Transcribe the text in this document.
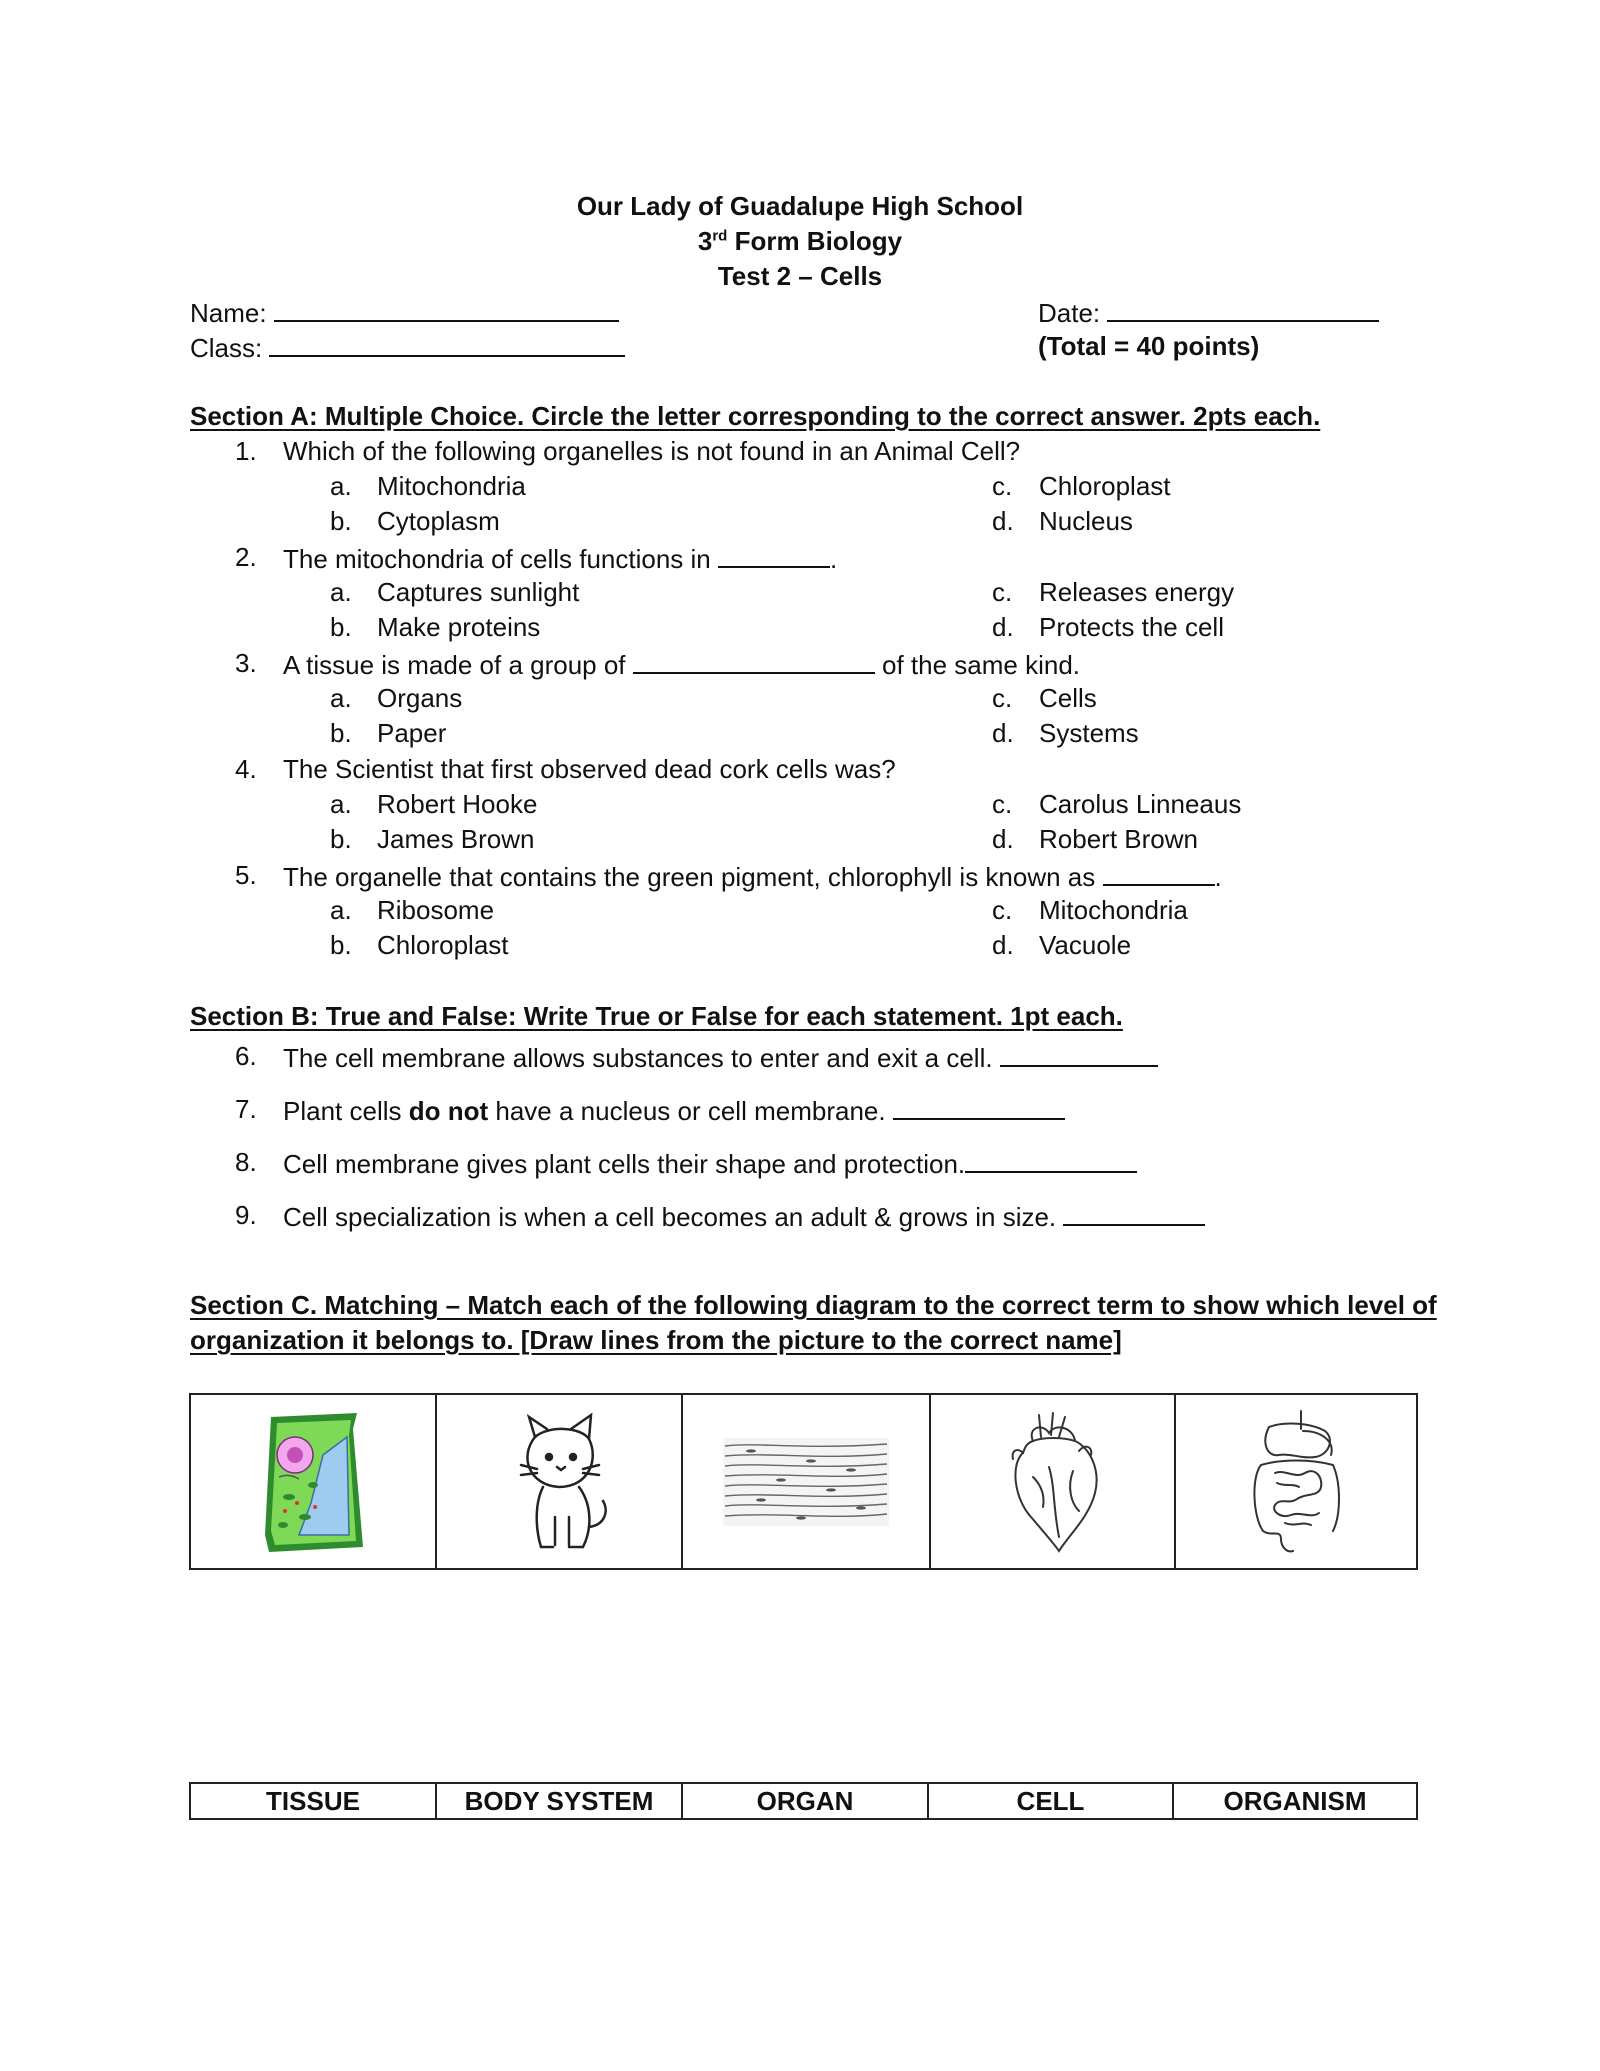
Our Lady of Guadalupe High School
3rd Form Biology
Test 2 – Cells
Name:
Class:
Date:
(Total = 40 points)
Section A: Multiple Choice. Circle the letter corresponding to the correct answer. 2pts each.
1. Which of the following organelles is not found in an Animal Cell?
a. Mitochondria
b. Cytoplasm
c. Chloroplast
d. Nucleus
2. The mitochondria of cells functions in	.
a. Captures sunlight
b. Make proteins
c. Releases energy
d. Protects the cell
3. A tissue is made of a group of	of the same kind.
a. Organs
b. Paper
c. Cells
d. Systems
4. The Scientist that first observed dead cork cells was?
a. Robert Hooke
b. James Brown
c. Carolus Linneaus
d. Robert Brown
5. The organelle that contains the green pigment, chlorophyll is known as	.
a. Ribosome
b. Chloroplast
c. Mitochondria
d. Vacuole
Section B: True and False: Write True or False for each statement. 1pt each.
6. The cell membrane allows substances to enter and exit a cell.
7. Plant cells do not have a nucleus or cell membrane.
8. Cell membrane gives plant cells their shape and protection.
9. Cell specialization is when a cell becomes an adult & grows in size.
Section C. Matching – Match each of the following diagram to the correct term to show which level of
organization it belongs to. [Draw lines from the picture to the correct name]
TISSUE	BODY SYSTEM	ORGAN	CELL	ORGANISM
